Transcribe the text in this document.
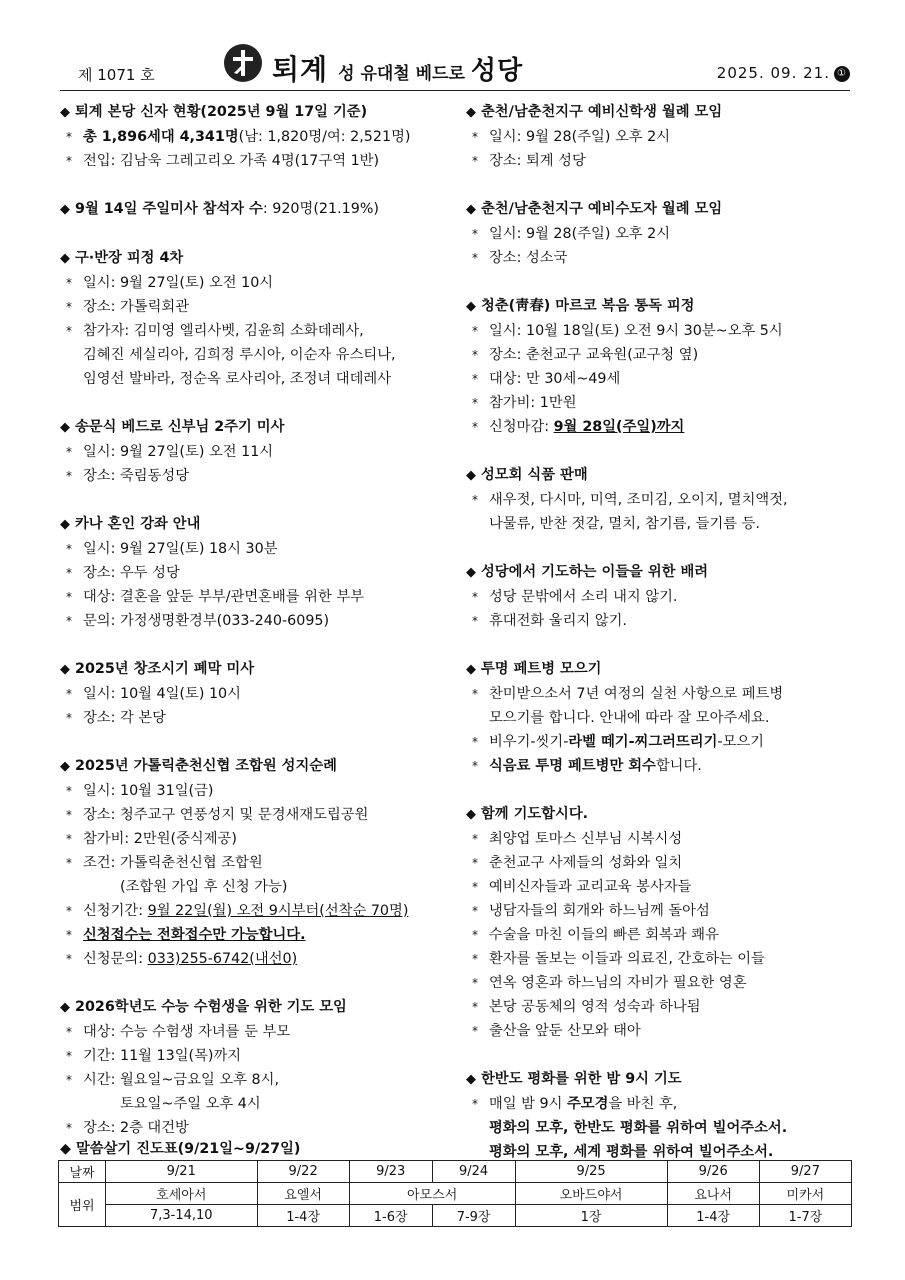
제 1071 호	퇴계 성 유대철 베드로 성당	2025. 09. 21. ①
◆ 퇴계 본당 신자 현황(2025년 9월 17일 기준)
* 총 1,896세대 4,341명(남: 1,820명/여: 2,521명)
* 전입: 김남욱 그레고리오 가족 4명(17구역 1반)
◆ 9월 14일 주일미사 참석자 수: 920명(21.19%)
◆ 구·반장 피정 4차
* 일시: 9월 27일(토) 오전 10시
* 장소: 가톨릭회관
* 참가자: 김미영 엘리사벳, 김윤희 소화데레사,
김혜진 세실리아, 김희정 루시아, 이순자 유스티나,
임영선 발바라, 정순옥 로사리아, 조정녀 대데레사
◆ 송문식 베드로 신부님 2주기 미사
* 일시: 9월 27일(토) 오전 11시
* 장소: 죽림동성당
◆ 카나 혼인 강좌 안내
* 일시: 9월 27일(토) 18시 30분
* 장소: 우두 성당
* 대상: 결혼을 앞둔 부부/관면혼배를 위한 부부
* 문의: 가정생명환경부(033-240-6095)
◆ 2025년 창조시기 폐막 미사
* 일시: 10월 4일(토) 10시
* 장소: 각 본당
◆ 2025년 가톨릭춘천신협 조합원 성지순례
* 일시: 10월 31일(금)
* 장소: 청주교구 연풍성지 및 문경새재도립공원
* 참가비: 2만원(중식제공)
* 조건: 가톨릭춘천신협 조합원
(조합원 가입 후 신청 가능)
* 신청기간: 9월 22일(월) 오전 9시부터(선착순 70명)
* 신청접수는 전화접수만 가능합니다.
* 신청문의: 033)255-6742(내선0)
◆ 2026학년도 수능 수험생을 위한 기도 모임
* 대상: 수능 수험생 자녀를 둔 부모
* 기간: 11월 13일(목)까지
* 시간: 월요일~금요일 오후 8시,
토요일~주일 오후 4시
* 장소: 2층 대건방
◆ 춘천/남춘천지구 예비신학생 월례 모임
* 일시: 9월 28(주일) 오후 2시
* 장소: 퇴계 성당
◆ 춘천/남춘천지구 예비수도자 월례 모임
* 일시: 9월 28(주일) 오후 2시
* 장소: 성소국
◆ 청춘(靑春) 마르코 복음 통독 피정
* 일시: 10월 18일(토) 오전 9시 30분~오후 5시
* 장소: 춘천교구 교육원(교구청 옆)
* 대상: 만 30세~49세
* 참가비: 1만원
* 신청마감: 9월 28일(주일)까지
◆ 성모회 식품 판매
* 새우젓, 다시마, 미역, 조미김, 오이지, 멸치액젓,
나물류, 반찬 젓갈, 멸치, 참기름, 들기름 등.
◆ 성당에서 기도하는 이들을 위한 배려
* 성당 문밖에서 소리 내지 않기.
* 휴대전화 울리지 않기.
◆ 투명 페트병 모으기
* 찬미받으소서 7년 여정의 실천 사항으로 페트병
모으기를 합니다. 안내에 따라 잘 모아주세요.
* 비우기-씻기-라벨 떼기-찌그러뜨리기-모으기
* 식음료 투명 페트병만 회수합니다.
◆ 함께 기도합시다.
* 최양업 토마스 신부님 시복시성
* 춘천교구 사제들의 성화와 일치
* 예비신자들과 교리교육 봉사자들
* 냉담자들의 회개와 하느님께 돌아섬
* 수술을 마친 이들의 빠른 회복과 쾌유
* 환자를 돌보는 이들과 의료진, 간호하는 이들
* 연옥 영혼과 하느님의 자비가 필요한 영혼
* 본당 공동체의 영적 성숙과 하나됨
* 출산을 앞둔 산모와 태아
◆ 한반도 평화를 위한 밤 9시 기도
* 매일 밤 9시 주모경을 바친 후,
평화의 모후, 한반도 평화를 위하여 빌어주소서.
평화의 모후, 세계 평화를 위하여 빌어주소서.
◆ 말씀살기 진도표(9/21일~9/27일)
날짜	9/21	9/22	9/23	9/24	9/25	9/26	9/27
범위	호세아서	요엘서	아모스서		오바드야서	요나서	미카서
	7,3-14,10	1-4장	1-6장	7-9장	1장	1-4장	1-7장
